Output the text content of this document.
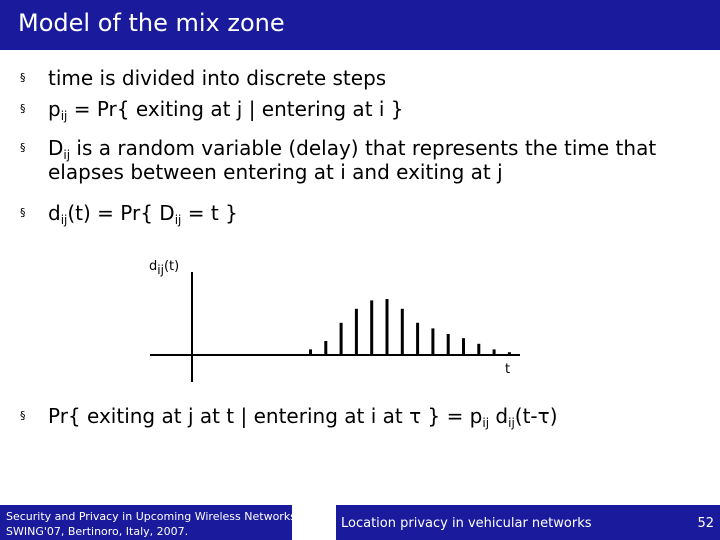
Model of the mix zone
§ time is divided into discrete steps
§ $p_{ij} = Pr${ exiting at j | entering at i }
§ $D_{ij}$ is a random variable (delay) that represents the time that
elapses between entering at i and exiting at j
§ $d_{ij}(t) = Pr${ $D_{ij} = t$ }
§ Pr{ exiting at j at t | entering at i at τ } = $p_{ij}$ $d_{ij}(t-\tau)$
$d_{ij}(t)$
t
Security and Privacy in Upcoming Wireless Networks
SWING'07, Bertinoro, Italy, 2007.
Location privacy in vehicular networks	52
